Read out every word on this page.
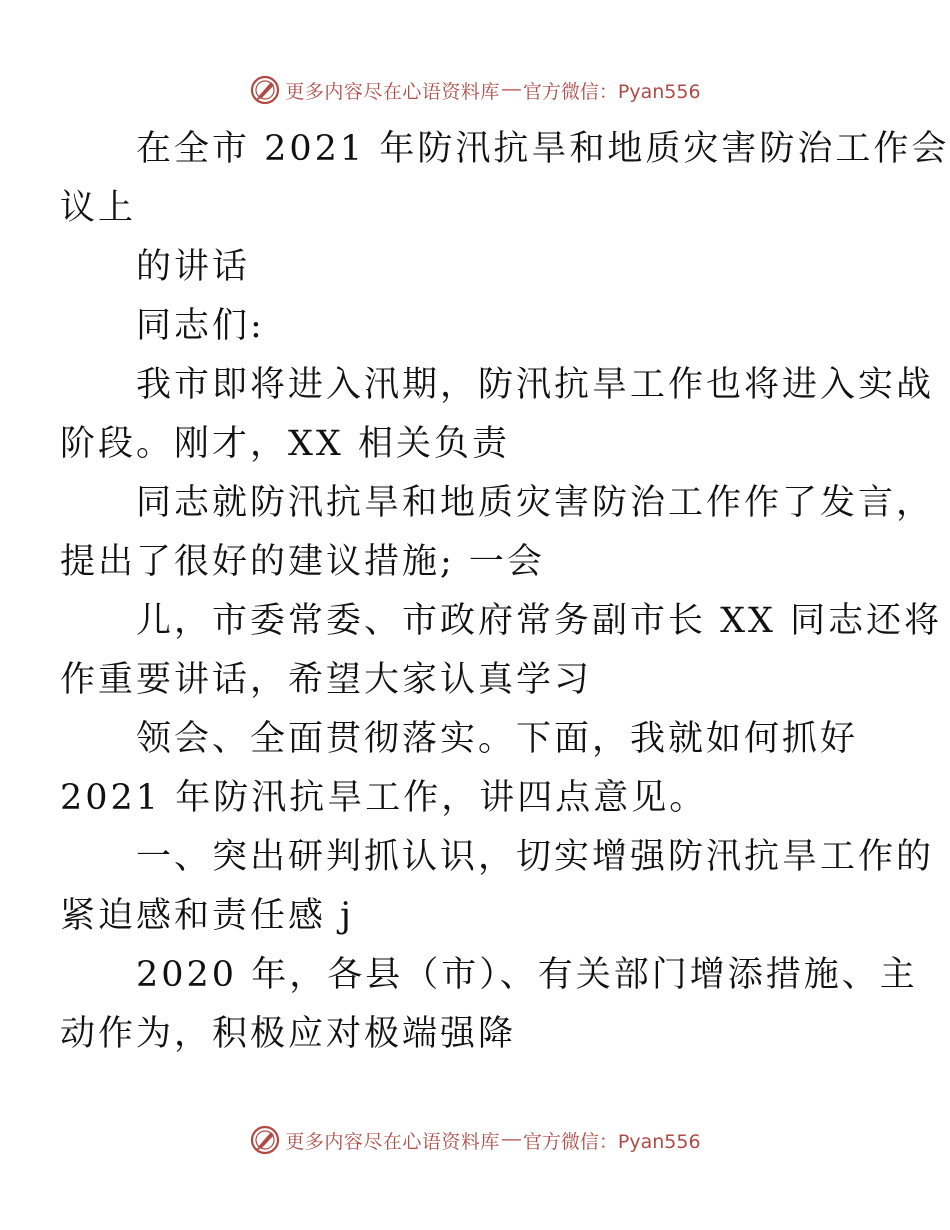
更多内容尽在心语资料库 — 官方微信：Pyan556

在全市 2021 年防汛抗旱和地质灾害防治工作会
议上

的讲话

同志们:

我市即将进入汛期，防汛抗旱工作也将进入实战
阶段。刚才，XX 相关负责

同志就防汛抗旱和地质灾害防治工作作了发言，
提出了很好的建议措施; 一会

儿，市委常委、市政府常务副市长 XX 同志还将
作重要讲话，希望大家认真学习

领会、全面贯彻落实。下面，我就如何抓好
2021 年防汛抗旱工作，讲四点意见。

一、突出研判抓认识，切实增强防汛抗旱工作的
紧迫感和责任感 j

2020 年，各县（市）、有关部门增添措施、主
动作为，积极应对极端强降

更多内容尽在心语资料库 — 官方微信：Pyan556
